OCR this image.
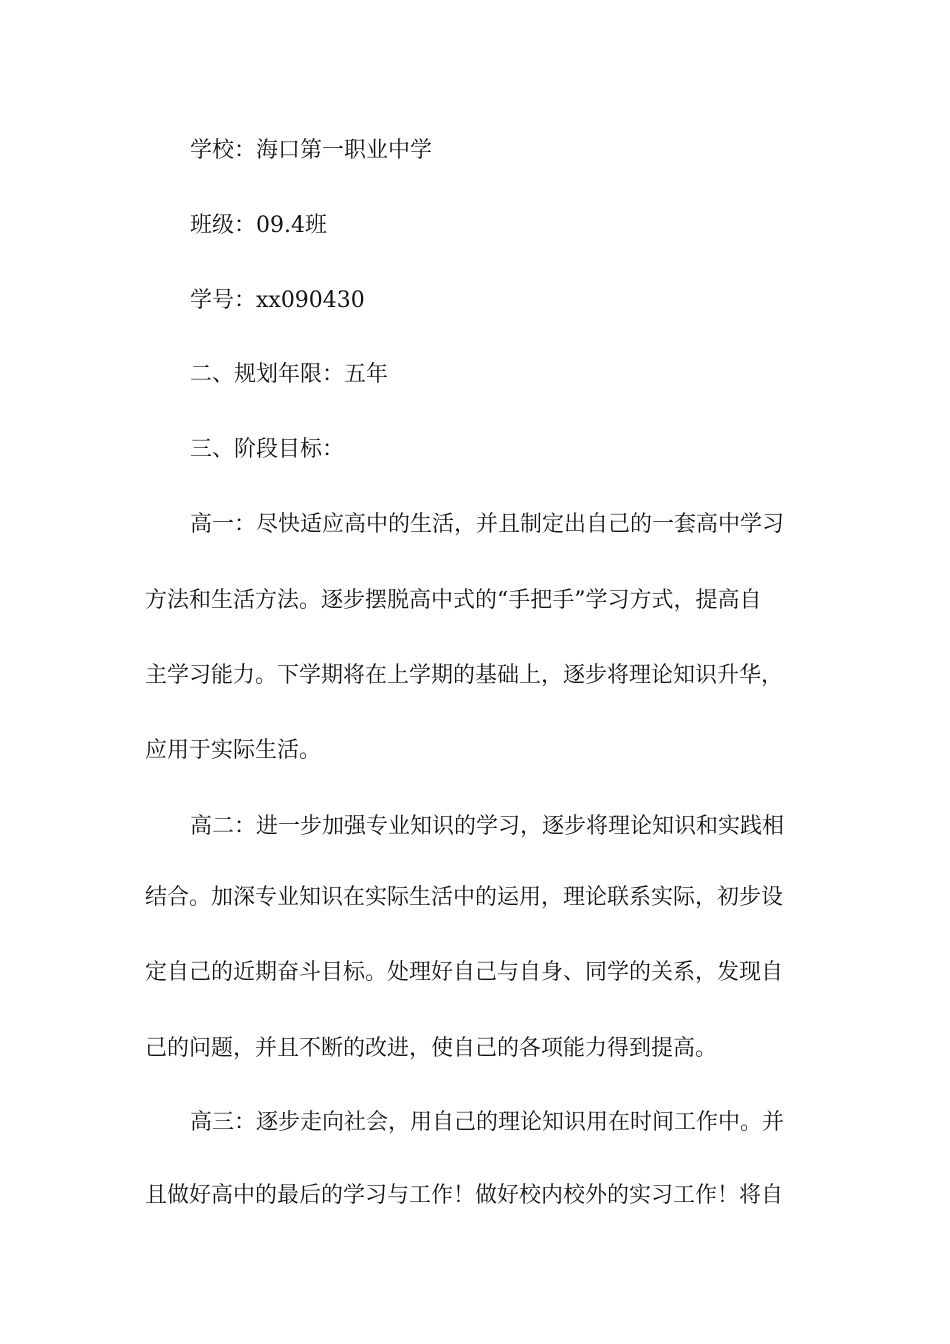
学校：海口第一职业中学
班级：09.4班
学号：xx090430
二、规划年限：五年
三、阶段目标：
高一：尽快适应高中的生活，并且制定出自己的一套高中学习
方法和生活方法。逐步摆脱高中式的“手把手”学习方式，提高自
主学习能力。下学期将在上学期的基础上，逐步将理论知识升华，
应用于实际生活。
高二：进一步加强专业知识的学习，逐步将理论知识和实践相
结合。加深专业知识在实际生活中的运用，理论联系实际，初步设
定自己的近期奋斗目标。处理好自己与自身、同学的关系，发现自
己的问题，并且不断的改进，使自己的各项能力得到提高。
高三：逐步走向社会，用自己的理论知识用在时间工作中。并
且做好高中的最后的学习与工作！做好校内校外的实习工作！将自
